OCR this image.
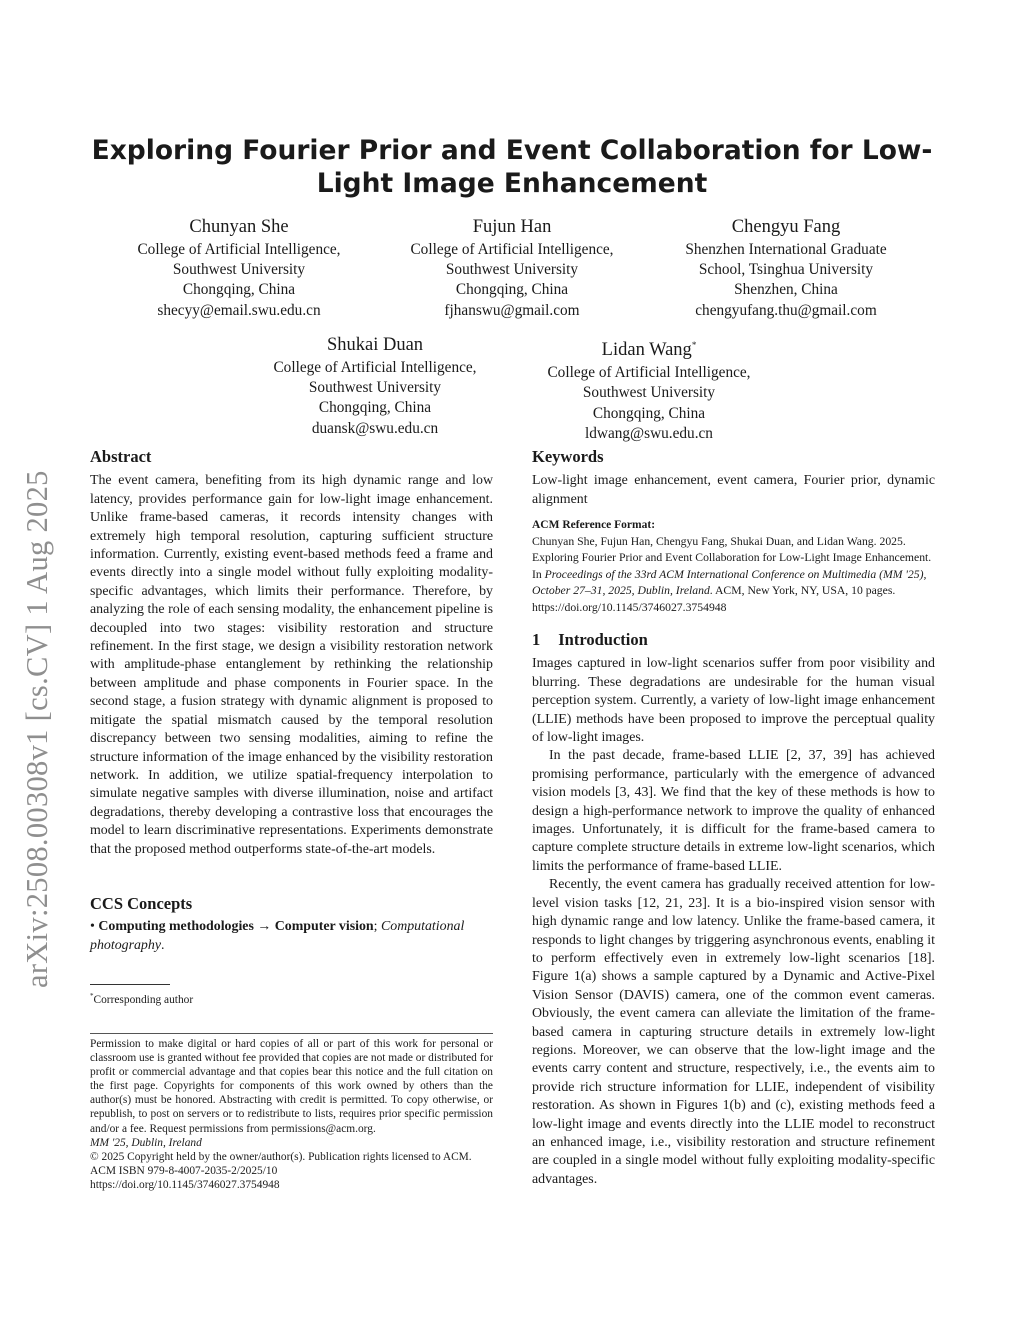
arXiv:2508.00308v1 [cs.CV] 1 Aug 2025
Exploring Fourier Prior and Event Collaboration for Low-Light Image Enhancement
Chunyan She
College of Artificial Intelligence,
Southwest University
Chongqing, China
shecyy@email.swu.edu.cn
Fujun Han
College of Artificial Intelligence,
Southwest University
Chongqing, China
fjhanswu@gmail.com
Chengyu Fang
Shenzhen International Graduate
School, Tsinghua University
Shenzhen, China
chengyufang.thu@gmail.com
Shukai Duan
College of Artificial Intelligence,
Southwest University
Chongqing, China
duansk@swu.edu.cn
Lidan Wang*
College of Artificial Intelligence,
Southwest University
Chongqing, China
ldwang@swu.edu.cn
Abstract

The event camera, benefiting from its high dynamic range and low latency, provides performance gain for low-light image enhancement. Unlike frame-based cameras, it records intensity changes with extremely high temporal resolution, capturing sufficient structure information. Currently, existing event-based methods feed a frame and events directly into a single model without fully exploiting modality-specific advantages, which limits their performance. Therefore, by analyzing the role of each sensing modality, the enhancement pipeline is decoupled into two stages: visibility restoration and structure refinement. In the first stage, we design a visibility restoration network with amplitude-phase entanglement by rethinking the relationship between amplitude and phase components in Fourier space. In the second stage, a fusion strategy with dynamic alignment is proposed to mitigate the spatial mismatch caused by the temporal resolution discrepancy between two sensing modalities, aiming to refine the structure information of the image enhanced by the visibility restoration network. In addition, we utilize spatial-frequency interpolation to simulate negative samples with diverse illumination, noise and artifact degradations, thereby developing a contrastive loss that encourages the model to learn discriminative representations. Experiments demonstrate that the proposed method outperforms state-of-the-art models.

CCS Concepts

• Computing methodologies → Computer vision; Computational photography.

*Corresponding author

Permission to make digital or hard copies of all or part of this work for personal or classroom use is granted without fee provided that copies are not made or distributed for profit or commercial advantage and that copies bear this notice and the full citation on the first page. Copyrights for components of this work owned by others than the author(s) must be honored. Abstracting with credit is permitted. To copy otherwise, or republish, to post on servers or to redistribute to lists, requires prior specific permission and/or a fee. Request permissions from permissions@acm.org.

MM '25, Dublin, Ireland

© 2025 Copyright held by the owner/author(s). Publication rights licensed to ACM.

ACM ISBN 979-8-4007-2035-2/2025/10

https://doi.org/10.1145/3746027.3754948

Keywords

Low-light image enhancement, event camera, Fourier prior, dynamic alignment

ACM Reference Format:

Chunyan She, Fujun Han, Chengyu Fang, Shukai Duan, and Lidan Wang. 2025. Exploring Fourier Prior and Event Collaboration for Low-Light Image Enhancement. In Proceedings of the 33rd ACM International Conference on Multimedia (MM '25), October 27–31, 2025, Dublin, Ireland. ACM, New York, NY, USA, 10 pages. https://doi.org/10.1145/3746027.3754948

1 Introduction

Images captured in low-light scenarios suffer from poor visibility and blurring. These degradations are undesirable for the human visual perception system. Currently, a variety of low-light image enhancement (LLIE) methods have been proposed to improve the perceptual quality of low-light images.

In the past decade, frame-based LLIE [2, 37, 39] has achieved promising performance, particularly with the emergence of advanced vision models [3, 43]. We find that the key of these methods is how to design a high-performance network to improve the quality of enhanced images. Unfortunately, it is difficult for the frame-based camera to capture complete structure details in extreme low-light scenarios, which limits the performance of frame-based LLIE.

Recently, the event camera has gradually received attention for low-level vision tasks [12, 21, 23]. It is a bio-inspired vision sensor with high dynamic range and low latency. Unlike the frame-based camera, it responds to light changes by triggering asynchronous events, enabling it to perform effectively even in extremely low-light scenarios [18]. Figure 1(a) shows a sample captured by a Dynamic and Active-Pixel Vision Sensor (DAVIS) camera, one of the common event cameras. Obviously, the event camera can alleviate the limitation of the frame-based camera in capturing structure details in extremely low-light regions. Moreover, we can observe that the low-light image and the events carry content and structure, respectively, i.e., the events aim to provide rich structure information for LLIE, independent of visibility restoration. As shown in Figures 1(b) and (c), existing methods feed a low-light image and events directly into the LLIE model to reconstruct an enhanced image, i.e., visibility restoration and structure refinement are coupled in a single model without fully exploiting modality-specific advantages.
